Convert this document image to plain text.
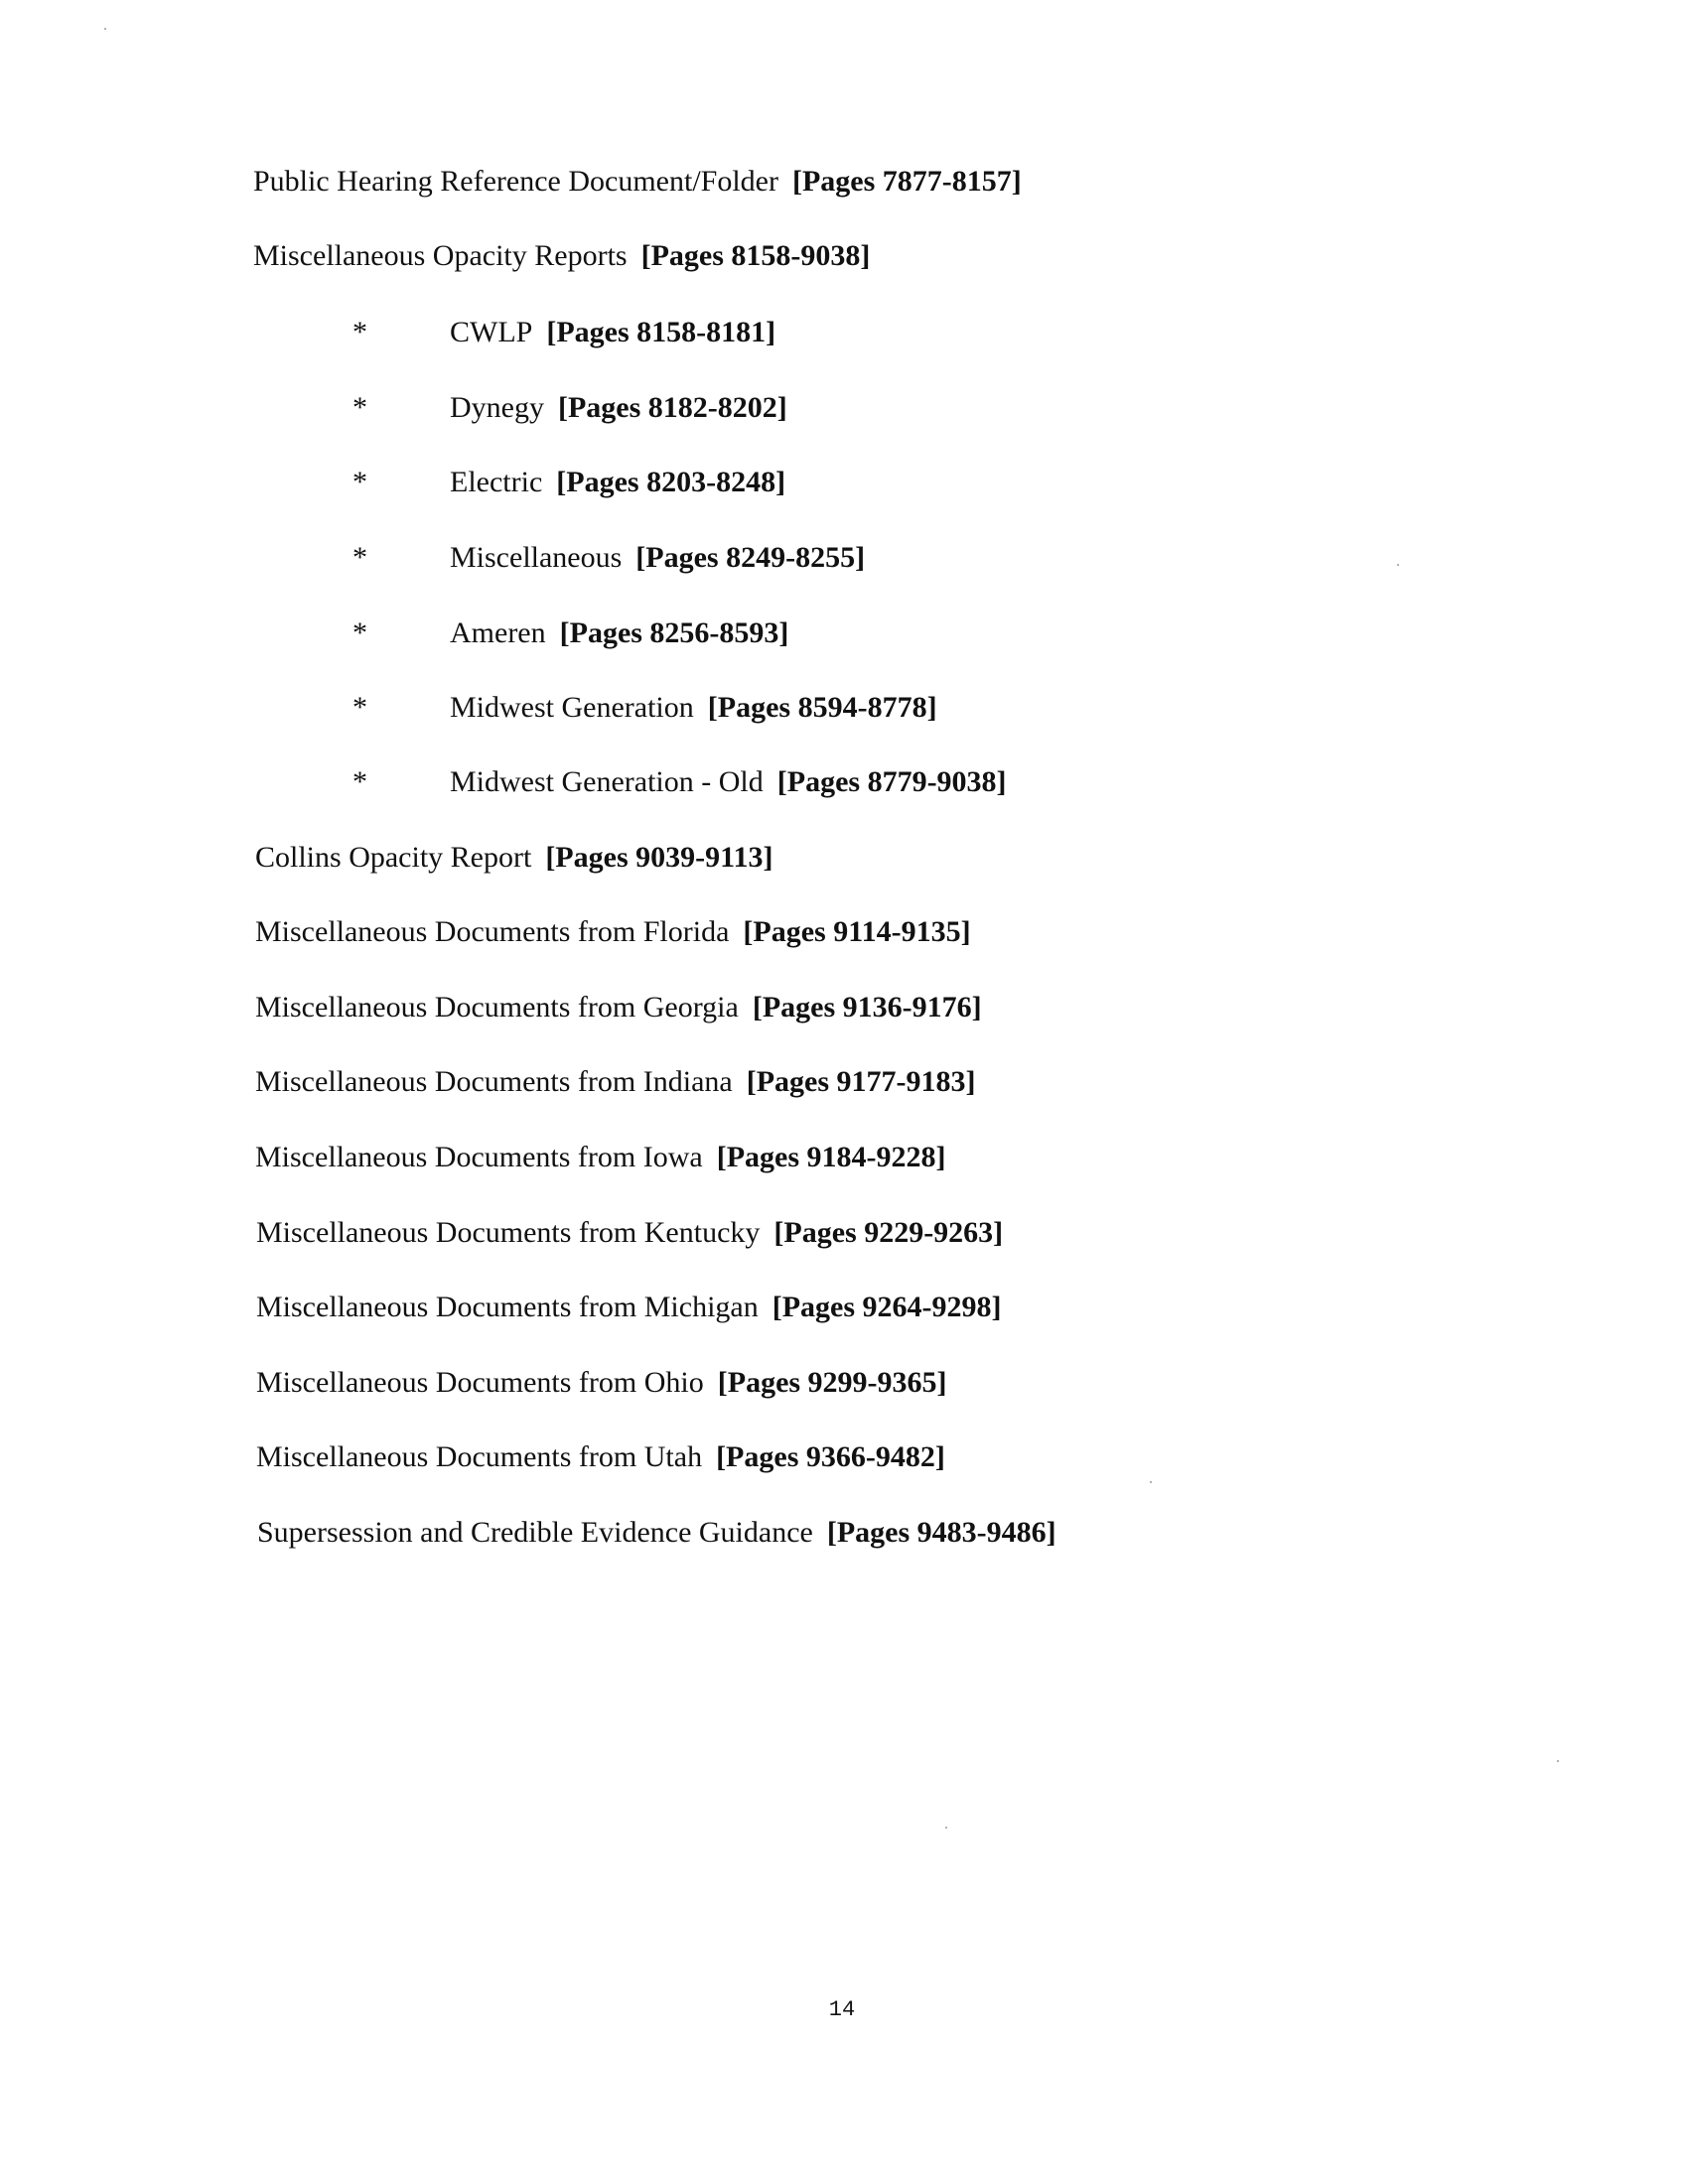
Public Hearing Reference Document/Folder [Pages 7877-8157]
Miscellaneous Opacity Reports [Pages 8158-9038]
*	CWLP [Pages 8158-8181]
*	Dynegy [Pages 8182-8202]
*	Electric [Pages 8203-8248]
*	Miscellaneous [Pages 8249-8255]
*	Ameren [Pages 8256-8593]
*	Midwest Generation [Pages 8594-8778]
*	Midwest Generation - Old [Pages 8779-9038]
Collins Opacity Report [Pages 9039-9113]
Miscellaneous Documents from Florida [Pages 9114-9135]
Miscellaneous Documents from Georgia [Pages 9136-9176]
Miscellaneous Documents from Indiana [Pages 9177-9183]
Miscellaneous Documents from Iowa [Pages 9184-9228]
Miscellaneous Documents from Kentucky [Pages 9229-9263]
Miscellaneous Documents from Michigan [Pages 9264-9298]
Miscellaneous Documents from Ohio [Pages 9299-9365]
Miscellaneous Documents from Utah [Pages 9366-9482]
Supersession and Credible Evidence Guidance [Pages 9483-9486]
14
